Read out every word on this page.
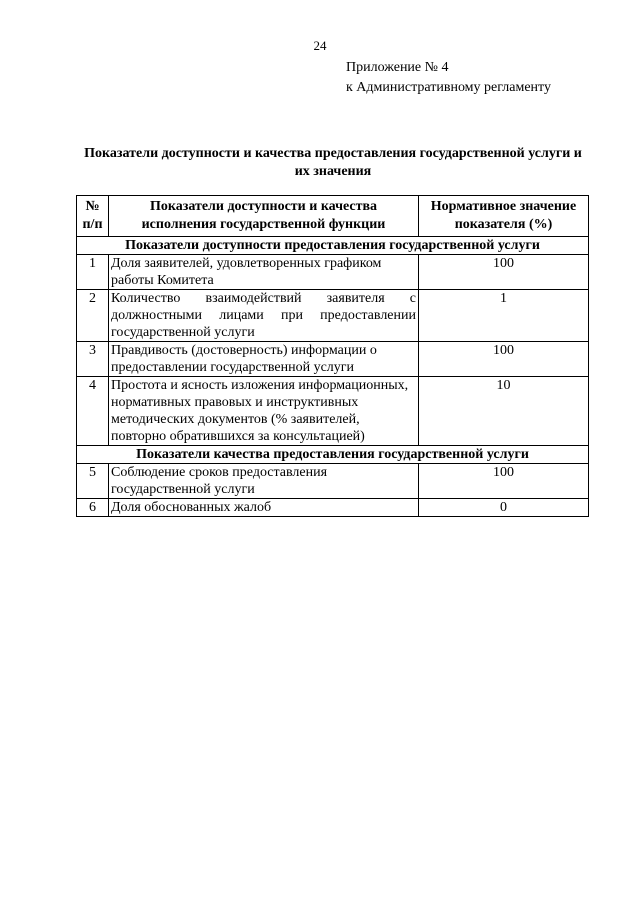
24
Приложение № 4
к Административному регламенту
Показатели доступности и качества предоставления государственной услуги и их значения
№ п/п	Показатели доступности и качества исполнения государственной функции	Нормативное значение показателя (%)
Показатели доступности предоставления государственной услуги		
1	Доля заявителей, удовлетворенных графиком работы Комитета	100
2	Количество взаимодействий заявителя с должностными лицами при предоставлении государственной услуги	1
3	Правдивость (достоверность) информации о предоставлении государственной услуги	100
4	Простота и ясность изложения информационных, нормативных правовых и инструктивных методических документов (% заявителей, повторно обратившихся за консультацией)	10
Показатели качества предоставления государственной услуги		
5	Соблюдение сроков предоставления государственной услуги	100
6	Доля обоснованных жалоб	0
